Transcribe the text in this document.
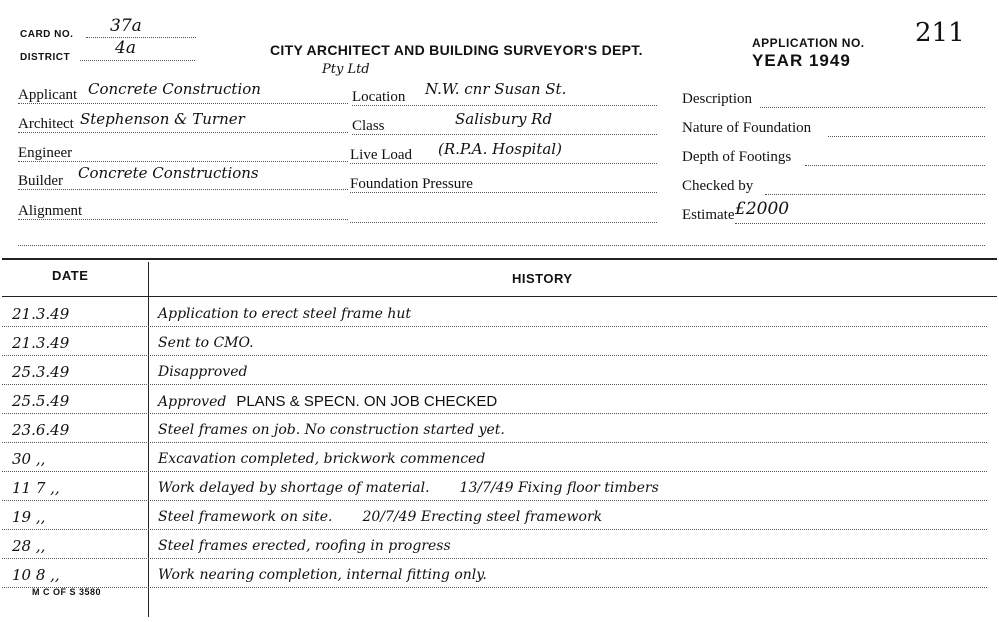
CARD NO. 37a
DISTRICT	4a	CITY ARCHITECT AND BUILDING SURVEYOR'S DEPT.	APPLICATION NO. 211
YEAR 1949
Applicant Concrete Construction
Architect Stephenson & Turner
Engineer
Builder Concrete Constructions
Alignment
Pty Ltd
Location N.W. cnr Susan St.
Class	Salisbury Rd
Live Load (R.P.A. Hospital)
Foundation Pressure
Description
Nature of Foundation
Depth of Footings
Checked by
Estimate £2000
DATE	HISTORY
21.3.49	Application to erect steel frame hut
21.3.49	Sent to CMO.
25.3.49	Disapproved
25.5.49	Approved PLANS & SPECN. ON JOB CHECKED
23.6.49	Steel frames on job. No construction started yet.
30 ,,	Excavation completed, brickwork commenced
11 7 ,,	Work delayed by shortage of material. 13/7/49 Fixing floor timbers
19 ,,	Steel framework on site. 20/7/49 Erecting steel framework
28 ,,	Steel frames erected, roofing in progress
10 8 ,,	Work nearing completion, internal fitting only.
M C OF S 3580
